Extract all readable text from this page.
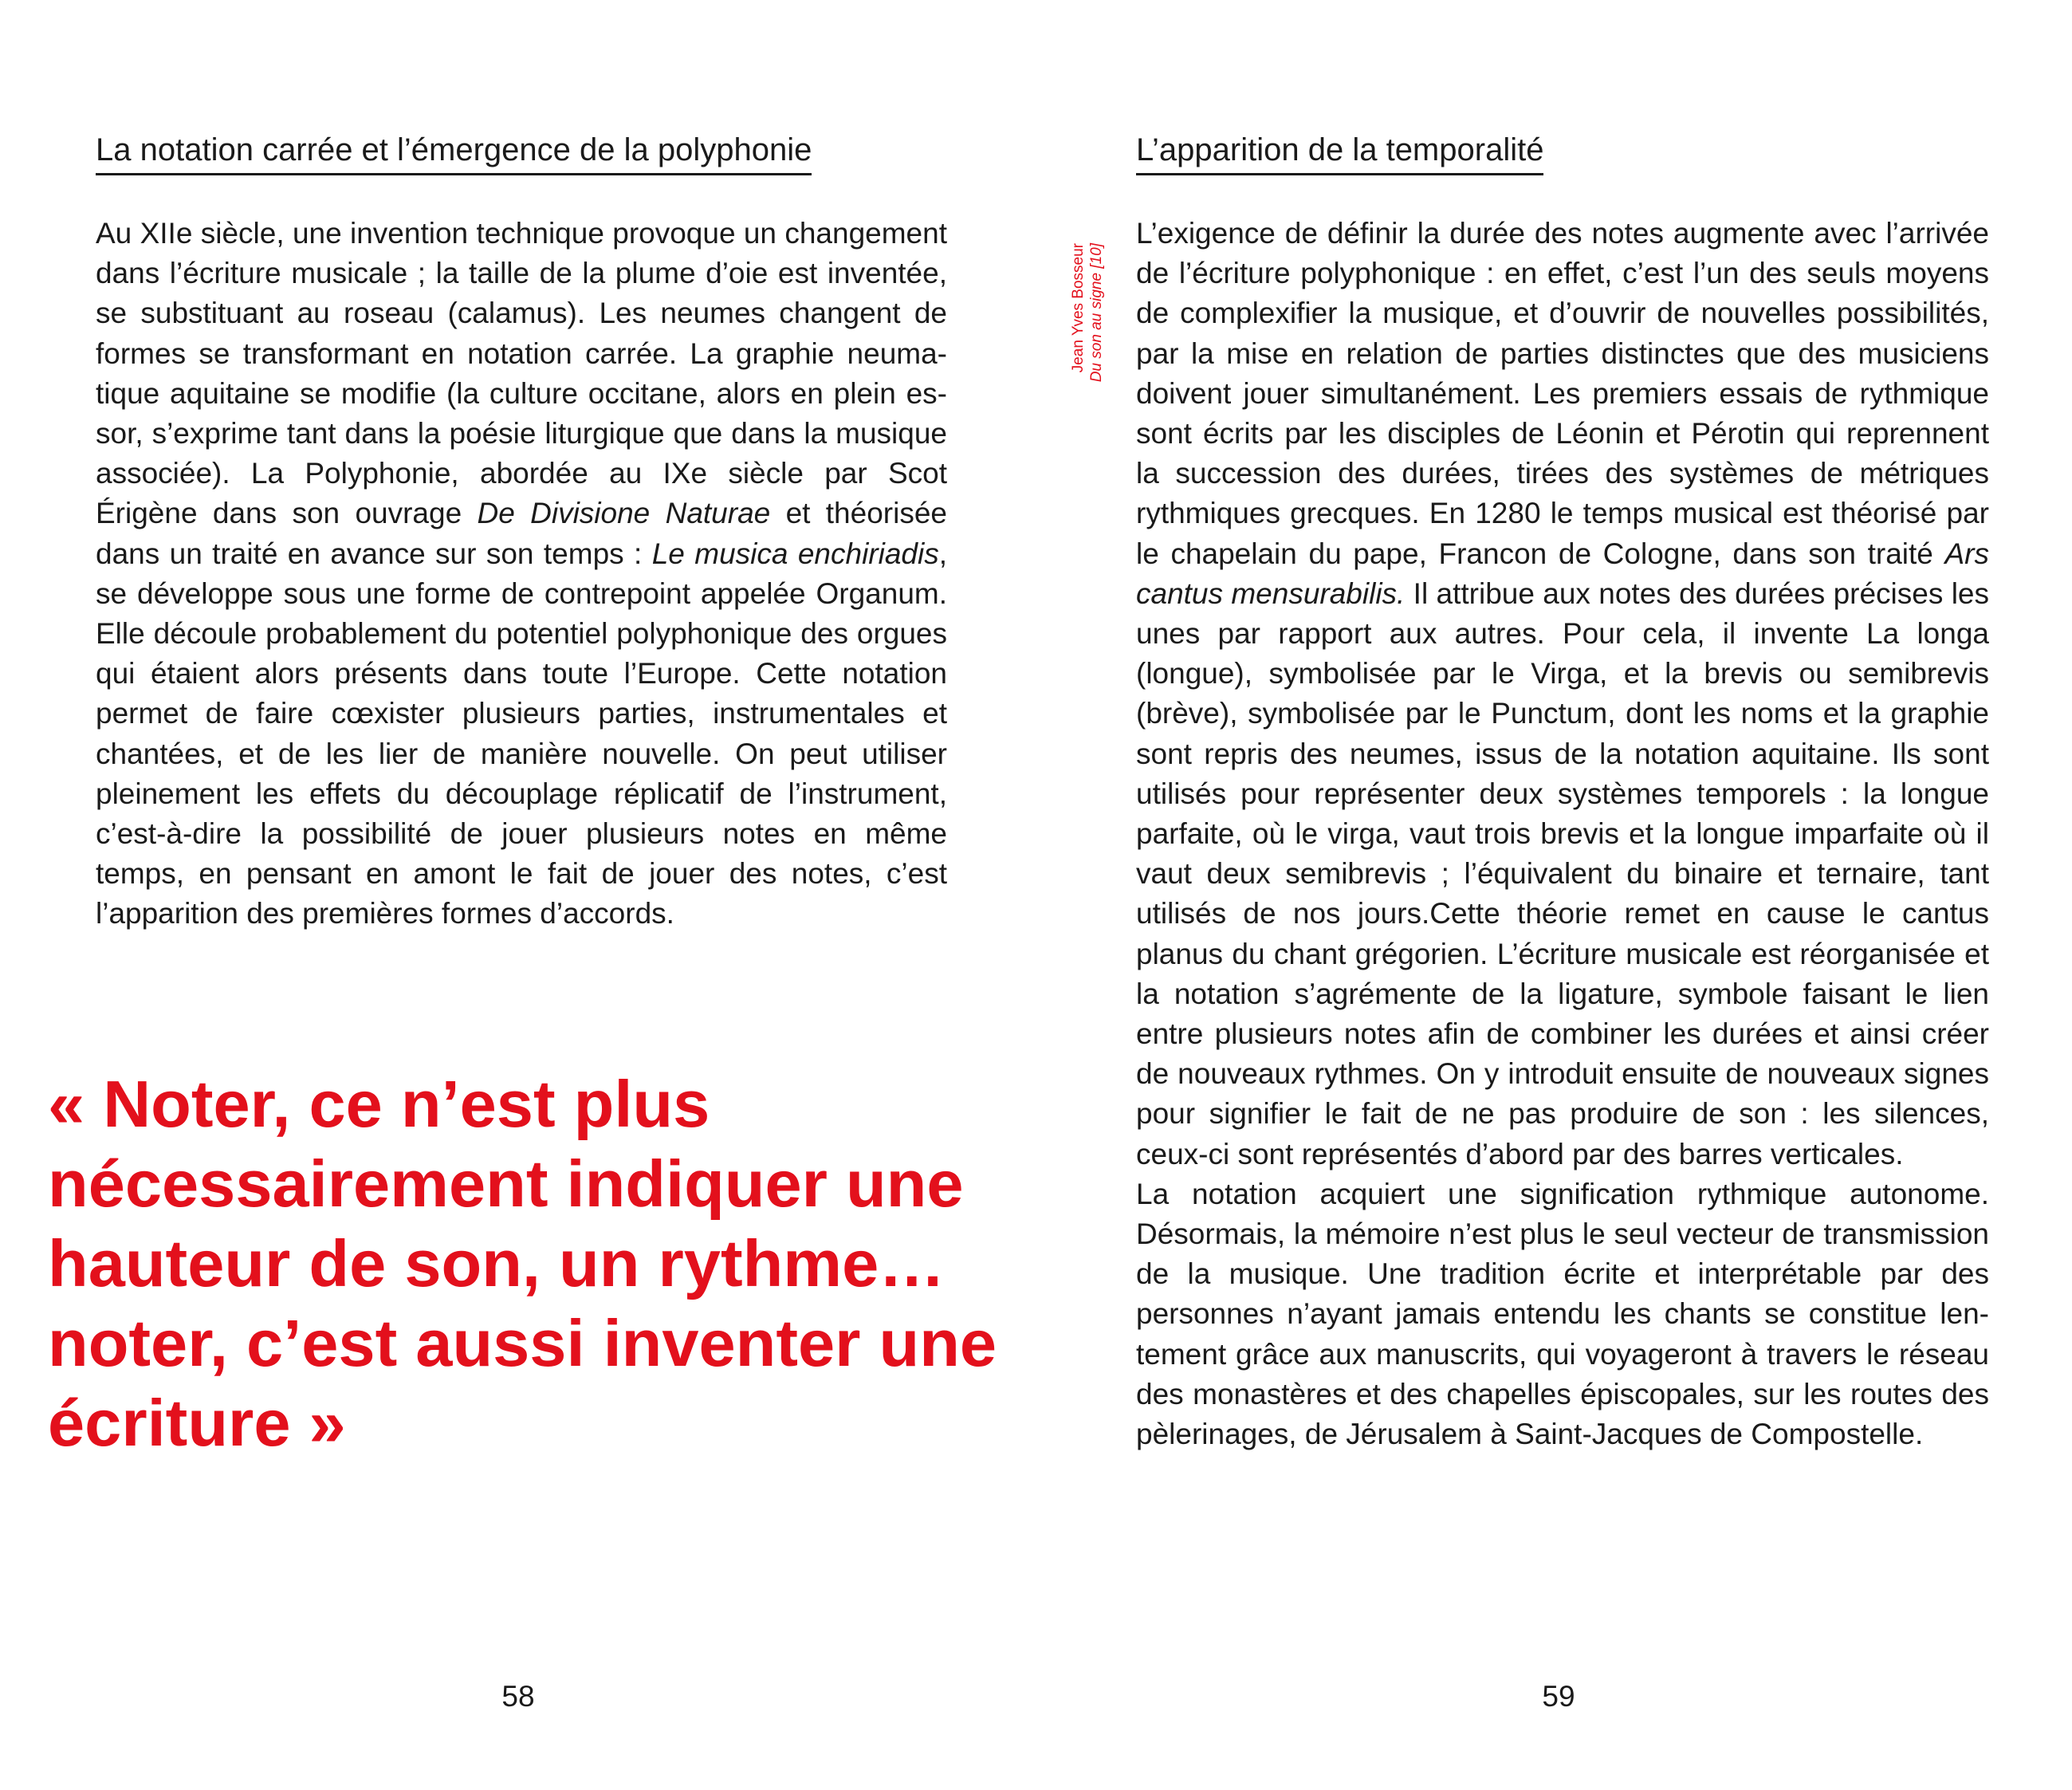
La notation carrée et l’émergence de la polyphonie

Au XIIe siècle, une invention technique provoque un changement dans l’écriture musicale ; la taille de la plume d’oie est inventée, se substituant au roseau (calamus). Les neumes changent de formes se transformant en notation carrée. La graphie neumatique aquitaine se modifie (la culture occitane, alors en plein essor, s’exprime tant dans la poésie liturgique que dans la musique associée). La Polyphonie, abordée au IXe siècle par Scot Érigène dans son ouvrage De Divisione Naturae et théorisée dans un traité en avance sur son temps : Le musica enchiriadis, se développe sous une forme de contrepoint appelée Organum. Elle découle probablement du potentiel polyphonique des orgues qui étaient alors présents dans toute l’Europe. Cette notation permet de faire cœxister plusieurs parties, instrumentales et chantées, et de les lier de manière nouvelle. On peut utiliser pleinement les effets du découplage réplicatif de l’instrument, c’est-à-dire la possibilité de jouer plusieurs notes en même temps, en pensant en amont le fait de jouer des notes, c’est l’apparition des premières formes d’accords.

« Noter, ce n’est plus nécessairement indiquer une hauteur de son, un rythme… noter, c’est aussi inventer une écriture »

58
L’apparition de la temporalité
Jean Yves Bosseur Du son au signe [10]

L’exigence de définir la durée des notes augmente avec l’arrivée de l’écriture polyphonique : en effet, c’est l’un des seuls moyens de complexifier la musique, et d’ouvrir de nouvelles possibilités, par la mise en relation de parties distinctes que des musiciens doivent jouer simultanément. Les premiers essais de rythmique sont écrits par les disciples de Léonin et Pérotin qui reprennent la succession des durées, tirées des systèmes de métriques rythmiques grecques. En 1280 le temps musical est théorisé par le chapelain du pape, Francon de Cologne, dans son traité Ars cantus mensurabilis. Il attribue aux notes des durées précises les unes par rapport aux autres. Pour cela, il invente La longa (longue), symbolisée par le Virga, et la brevis ou semibrevis (brève), symbolisée par le Punctum, dont les noms et la graphie sont repris des neumes, issus de la notation aquitaine. Ils sont utilisés pour représenter deux systèmes temporels : la longue parfaite, où le virga, vaut trois brevis et la longue imparfaite où il vaut deux semibrevis ; l’équivalent du binaire et ternaire, tant utilisés de nos jours.Cette théorie remet en cause le cantus planus du chant grégorien. L’écriture musicale est réorganisée et la notation s’agrémente de la ligature, symbole faisant le lien entre plusieurs notes afin de combiner les durées et ainsi créer de nouveaux rythmes. On y introduit ensuite de nouveaux signes pour signifier le fait de ne pas produire de son : les silences, ceux-ci sont représentés d’abord par des barres verticales.

La notation acquiert une signification rythmique autonome. Désormais, la mémoire n’est plus le seul vecteur de transmission de la musique. Une tradition écrite et interprétable par des personnes n’ayant jamais entendu les chants se constitue lentement grâce aux manuscrits, qui voyageront à travers le réseau des monastères et des chapelles épiscopales, sur les routes des pèlerinages, de Jérusalem à Saint-Jacques de Compostelle.

59
